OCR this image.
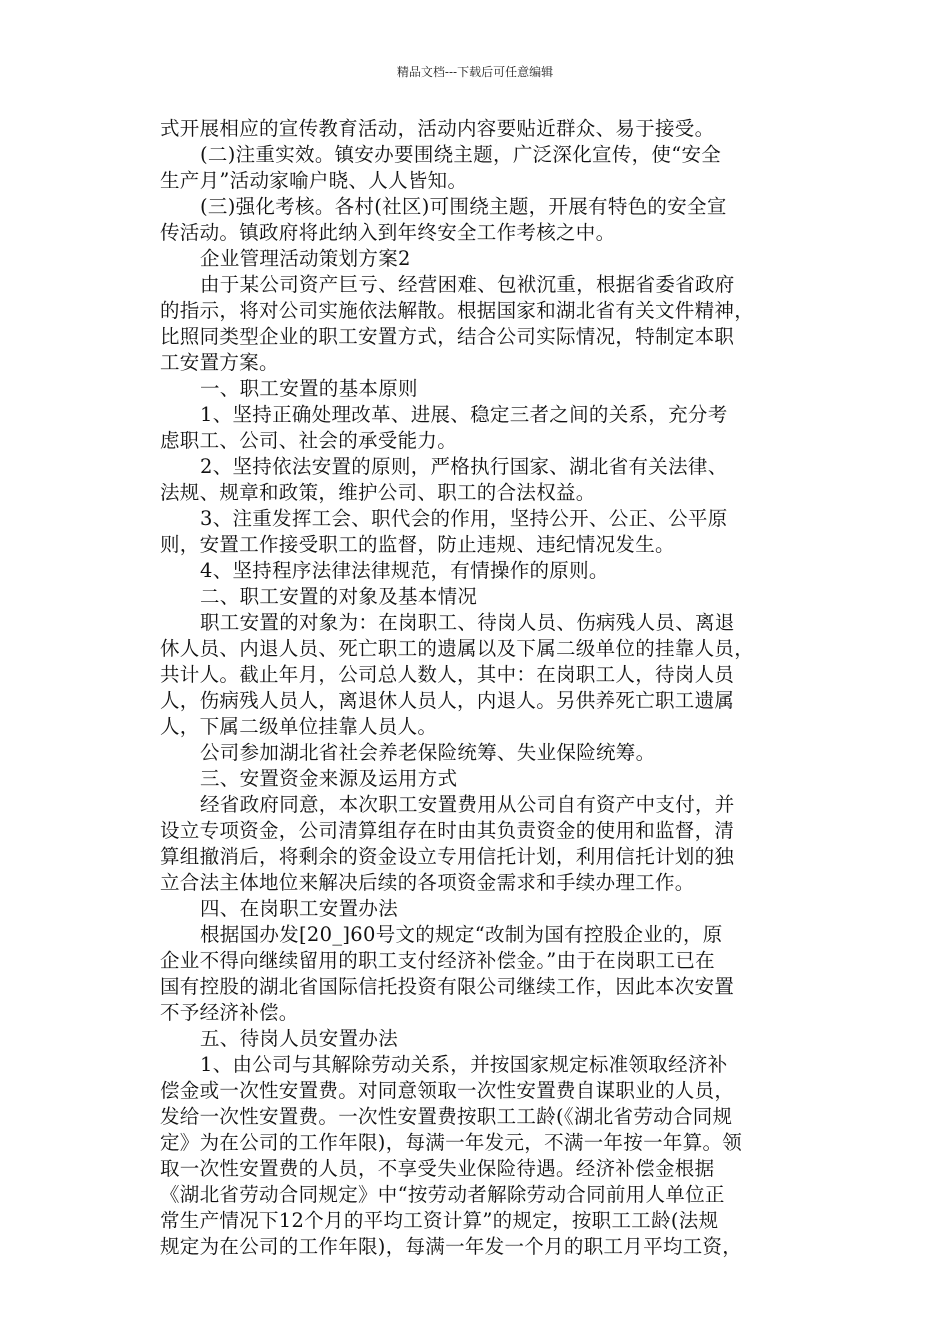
精品文档---下载后可任意编辑
式开展相应的宣传教育活动，活动内容要贴近群众、易于接受。
(二)注重实效。镇安办要围绕主题，广泛深化宣传，使“安全
生产月”活动家喻户晓、人人皆知。
(三)强化考核。各村(社区)可围绕主题，开展有特色的安全宣
传活动。镇政府将此纳入到年终安全工作考核之中。
企业管理活动策划方案2
由于某公司资产巨亏、经营困难、包袱沉重，根据省委省政府
的指示，将对公司实施依法解散。根据国家和湖北省有关文件精神，
比照同类型企业的职工安置方式，结合公司实际情况，特制定本职
工安置方案。
一、职工安置的基本原则
1、坚持正确处理改革、进展、稳定三者之间的关系，充分考
虑职工、公司、社会的承受能力。
2、坚持依法安置的原则，严格执行国家、湖北省有关法律、
法规、规章和政策，维护公司、职工的合法权益。
3、注重发挥工会、职代会的作用，坚持公开、公正、公平原
则，安置工作接受职工的监督，防止违规、违纪情况发生。
4、坚持程序法律法律规范，有情操作的原则。
二、职工安置的对象及基本情况
职工安置的对象为：在岗职工、待岗人员、伤病残人员、离退
休人员、内退人员、死亡职工的遗属以及下属二级单位的挂靠人员，
共计人。截止年月，公司总人数人，其中：在岗职工人，待岗人员
人，伤病残人员人，离退休人员人，内退人。另供养死亡职工遗属
人，下属二级单位挂靠人员人。
公司参加湖北省社会养老保险统筹、失业保险统筹。
三、安置资金来源及运用方式
经省政府同意，本次职工安置费用从公司自有资产中支付，并
设立专项资金，公司清算组存在时由其负责资金的使用和监督，清
算组撤消后，将剩余的资金设立专用信托计划，利用信托计划的独
立合法主体地位来解决后续的各项资金需求和手续办理工作。
四、在岗职工安置办法
根据国办发[20_]60号文的规定“改制为国有控股企业的，原
企业不得向继续留用的职工支付经济补偿金。”由于在岗职工已在
国有控股的湖北省国际信托投资有限公司继续工作，因此本次安置
不予经济补偿。
五、待岗人员安置办法
1、由公司与其解除劳动关系，并按国家规定标准领取经济补
偿金或一次性安置费。对同意领取一次性安置费自谋职业的人员，
发给一次性安置费。一次性安置费按职工工龄(《湖北省劳动合同规
定》为在公司的工作年限)，每满一年发元，不满一年按一年算。领
取一次性安置费的人员，不享受失业保险待遇。经济补偿金根据
《湖北省劳动合同规定》中“按劳动者解除劳动合同前用人单位正
常生产情况下12个月的平均工资计算”的规定，按职工工龄(法规
规定为在公司的工作年限)，每满一年发一个月的职工月平均工资，
